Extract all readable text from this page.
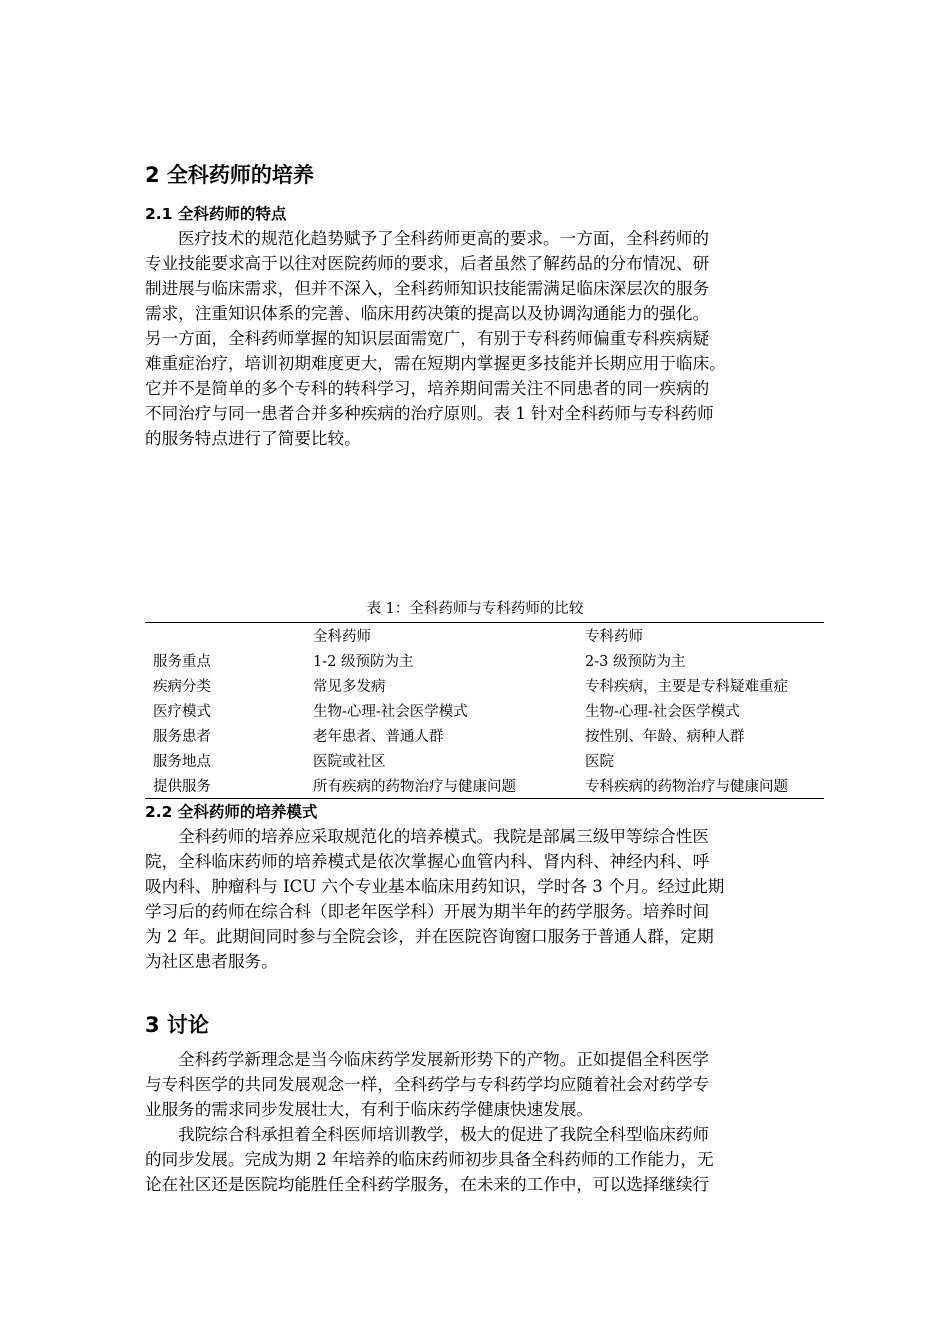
2 全科药师的培养
2.1 全科药师的特点
医疗技术的规范化趋势赋予了全科药师更高的要求。一方面，全科药师的
专业技能要求高于以往对医院药师的要求，后者虽然了解药品的分布情况、研
制进展与临床需求，但并不深入，全科药师知识技能需满足临床深层次的服务
需求，注重知识体系的完善、临床用药决策的提高以及协调沟通能力的强化。
另一方面，全科药师掌握的知识层面需宽广，有别于专科药师偏重专科疾病疑
难重症治疗，培训初期难度更大，需在短期内掌握更多技能并长期应用于临床。
它并不是简单的多个专科的转科学习，培养期间需关注不同患者的同一疾病的
不同治疗与同一患者合并多种疾病的治疗原则。表 1 针对全科药师与专科药师
的服务特点进行了简要比较。
表 1：全科药师与专科药师的比较
	全科药师	专科药师
服务重点	1-2 级预防为主	2-3 级预防为主
疾病分类	常见多发病	专科疾病，主要是专科疑难重症
医疗模式	生物-心理-社会医学模式	生物-心理-社会医学模式
服务患者	老年患者、普通人群	按性别、年龄、病种人群
服务地点	医院或社区	医院
提供服务	所有疾病的药物治疗与健康问题	专科疾病的药物治疗与健康问题
2.2 全科药师的培养模式
全科药师的培养应采取规范化的培养模式。我院是部属三级甲等综合性医
院，全科临床药师的培养模式是依次掌握心血管内科、肾内科、神经内科、呼
吸内科、肿瘤科与 ICU 六个专业基本临床用药知识，学时各 3 个月。经过此期
学习后的药师在综合科（即老年医学科）开展为期半年的药学服务。培养时间
为 2 年。此期间同时参与全院会诊，并在医院咨询窗口服务于普通人群，定期
为社区患者服务。
3 讨论
全科药学新理念是当今临床药学发展新形势下的产物。正如提倡全科医学
与专科医学的共同发展观念一样，全科药学与专科药学均应随着社会对药学专
业服务的需求同步发展壮大，有利于临床药学健康快速发展。
我院综合科承担着全科医师培训教学，极大的促进了我院全科型临床药师
的同步发展。完成为期 2 年培养的临床药师初步具备全科药师的工作能力，无
论在社区还是医院均能胜任全科药学服务，在未来的工作中，可以选择继续行
